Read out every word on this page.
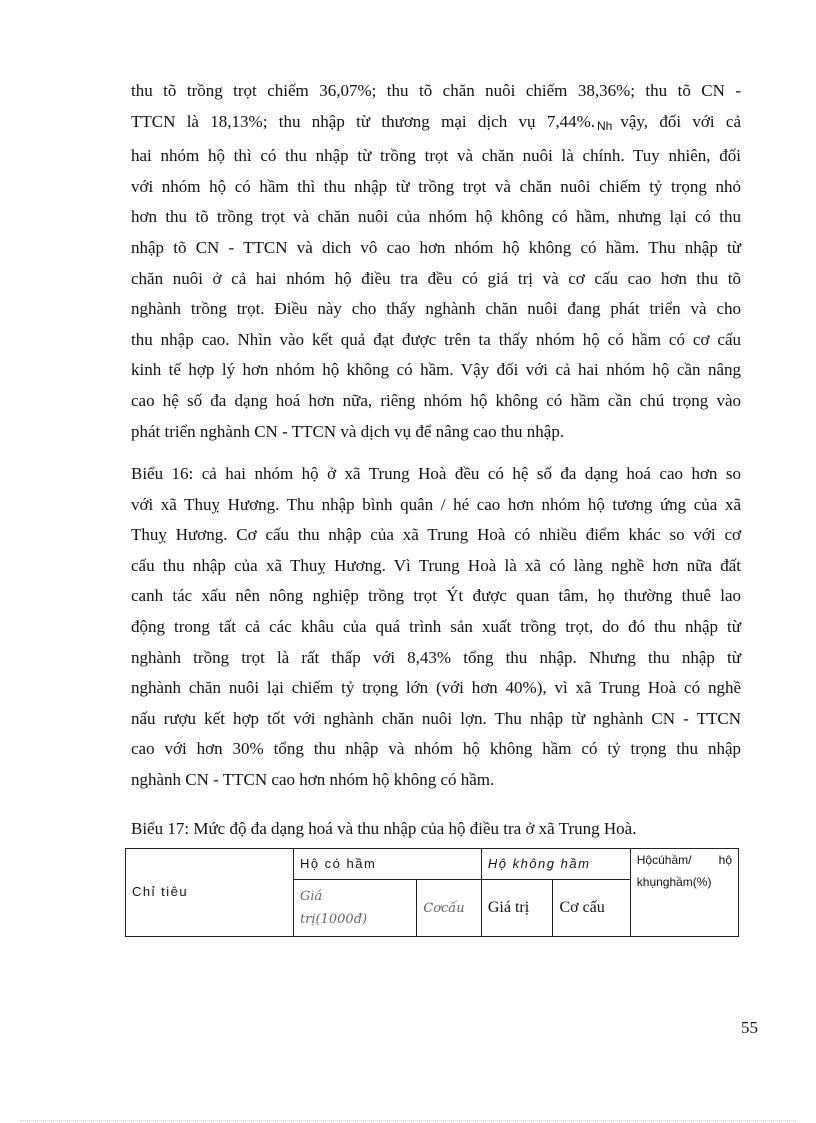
thu tõ trồng trọt chiếm 36,07%; thu tõ chăn nuôi chiếm 38,36%; thu tõ CN -
TTCN là 18,13%; thu nhập từ thương mại dịch vụ 7,44%. Nh vậy, đối với cả
hai nhóm hộ thì có thu nhập từ trồng trọt và chăn nuôi là chính. Tuy nhiên, đối
với nhóm hộ có hầm thì thu nhập từ trồng trọt và chăn nuôi chiếm tỷ trọng nhỏ
hơn thu tõ trồng trọt và chăn nuôi của nhóm hộ không có hầm, nhưng lại có thu
nhập tõ CN - TTCN và dich vô cao hơn nhóm hộ không có hầm. Thu nhập từ
chăn nuôi ở cả hai nhóm hộ điều tra đều có giá trị và cơ cấu cao hơn thu tõ
nghành trồng trọt. Điều này cho thấy nghành chăn nuôi đang phát triển và cho
thu nhập cao. Nhìn vào kết quả đạt được trên ta thấy nhóm hộ có hầm có cơ cấu
kinh tế hợp lý hơn nhóm hộ không có hầm. Vậy đối với cả hai nhóm hộ cần nâng
cao hệ số đa dạng hoá hơn nữa, riêng nhóm hộ không có hầm cần chú trọng vào
phát triển nghành CN - TTCN và dịch vụ để nâng cao thu nhập.
Biểu 16: cả hai nhóm hộ ở xã Trung Hoà đều có hệ số đa dạng hoá cao hơn so
với xã Thuỵ Hương. Thu nhập bình quân / hé cao hơn nhóm hộ tương ứng của xã
Thuỵ Hương. Cơ cấu thu nhập của xã Trung Hoà có nhiều điểm khác so với cơ
cấu thu nhập của xã Thuỵ Hương. Vì Trung Hoà là xã có làng nghề hơn nữa đất
canh tác xấu nên nông nghiệp trồng trọt Ýt được quan tâm, họ thường thuê lao
động trong tất cả các khâu của quá trình sản xuất trồng trọt, do đó thu nhập từ
nghành trồng trọt là rất thấp với 8,43% tổng thu nhập. Nhưng thu nhập từ
nghành chăn nuôi lại chiếm tỷ trọng lớn (với hơn 40%), vì xã Trung Hoà có nghề
nấu rượu kết hợp tốt với nghành chăn nuôi lợn. Thu nhập từ nghành CN - TTCN
cao với hơn 30% tổng thu nhập và nhóm hộ không hầm có tỷ trọng thu nhập
nghành CN - TTCN cao hơn nhóm hộ không có hầm.
Biểu 17: Mức độ đa dạng hoá và thu nhập của hộ điều tra ở xã Trung Hoà.
Chỉ tiêu	Hộ có hầm		Hộ không hầm		Hộcúhầm/ hộ
khụnghầm(%)

	Giá
trị(1000đ)	Cơcấu	Giá trị	Cơ cấu	
55
